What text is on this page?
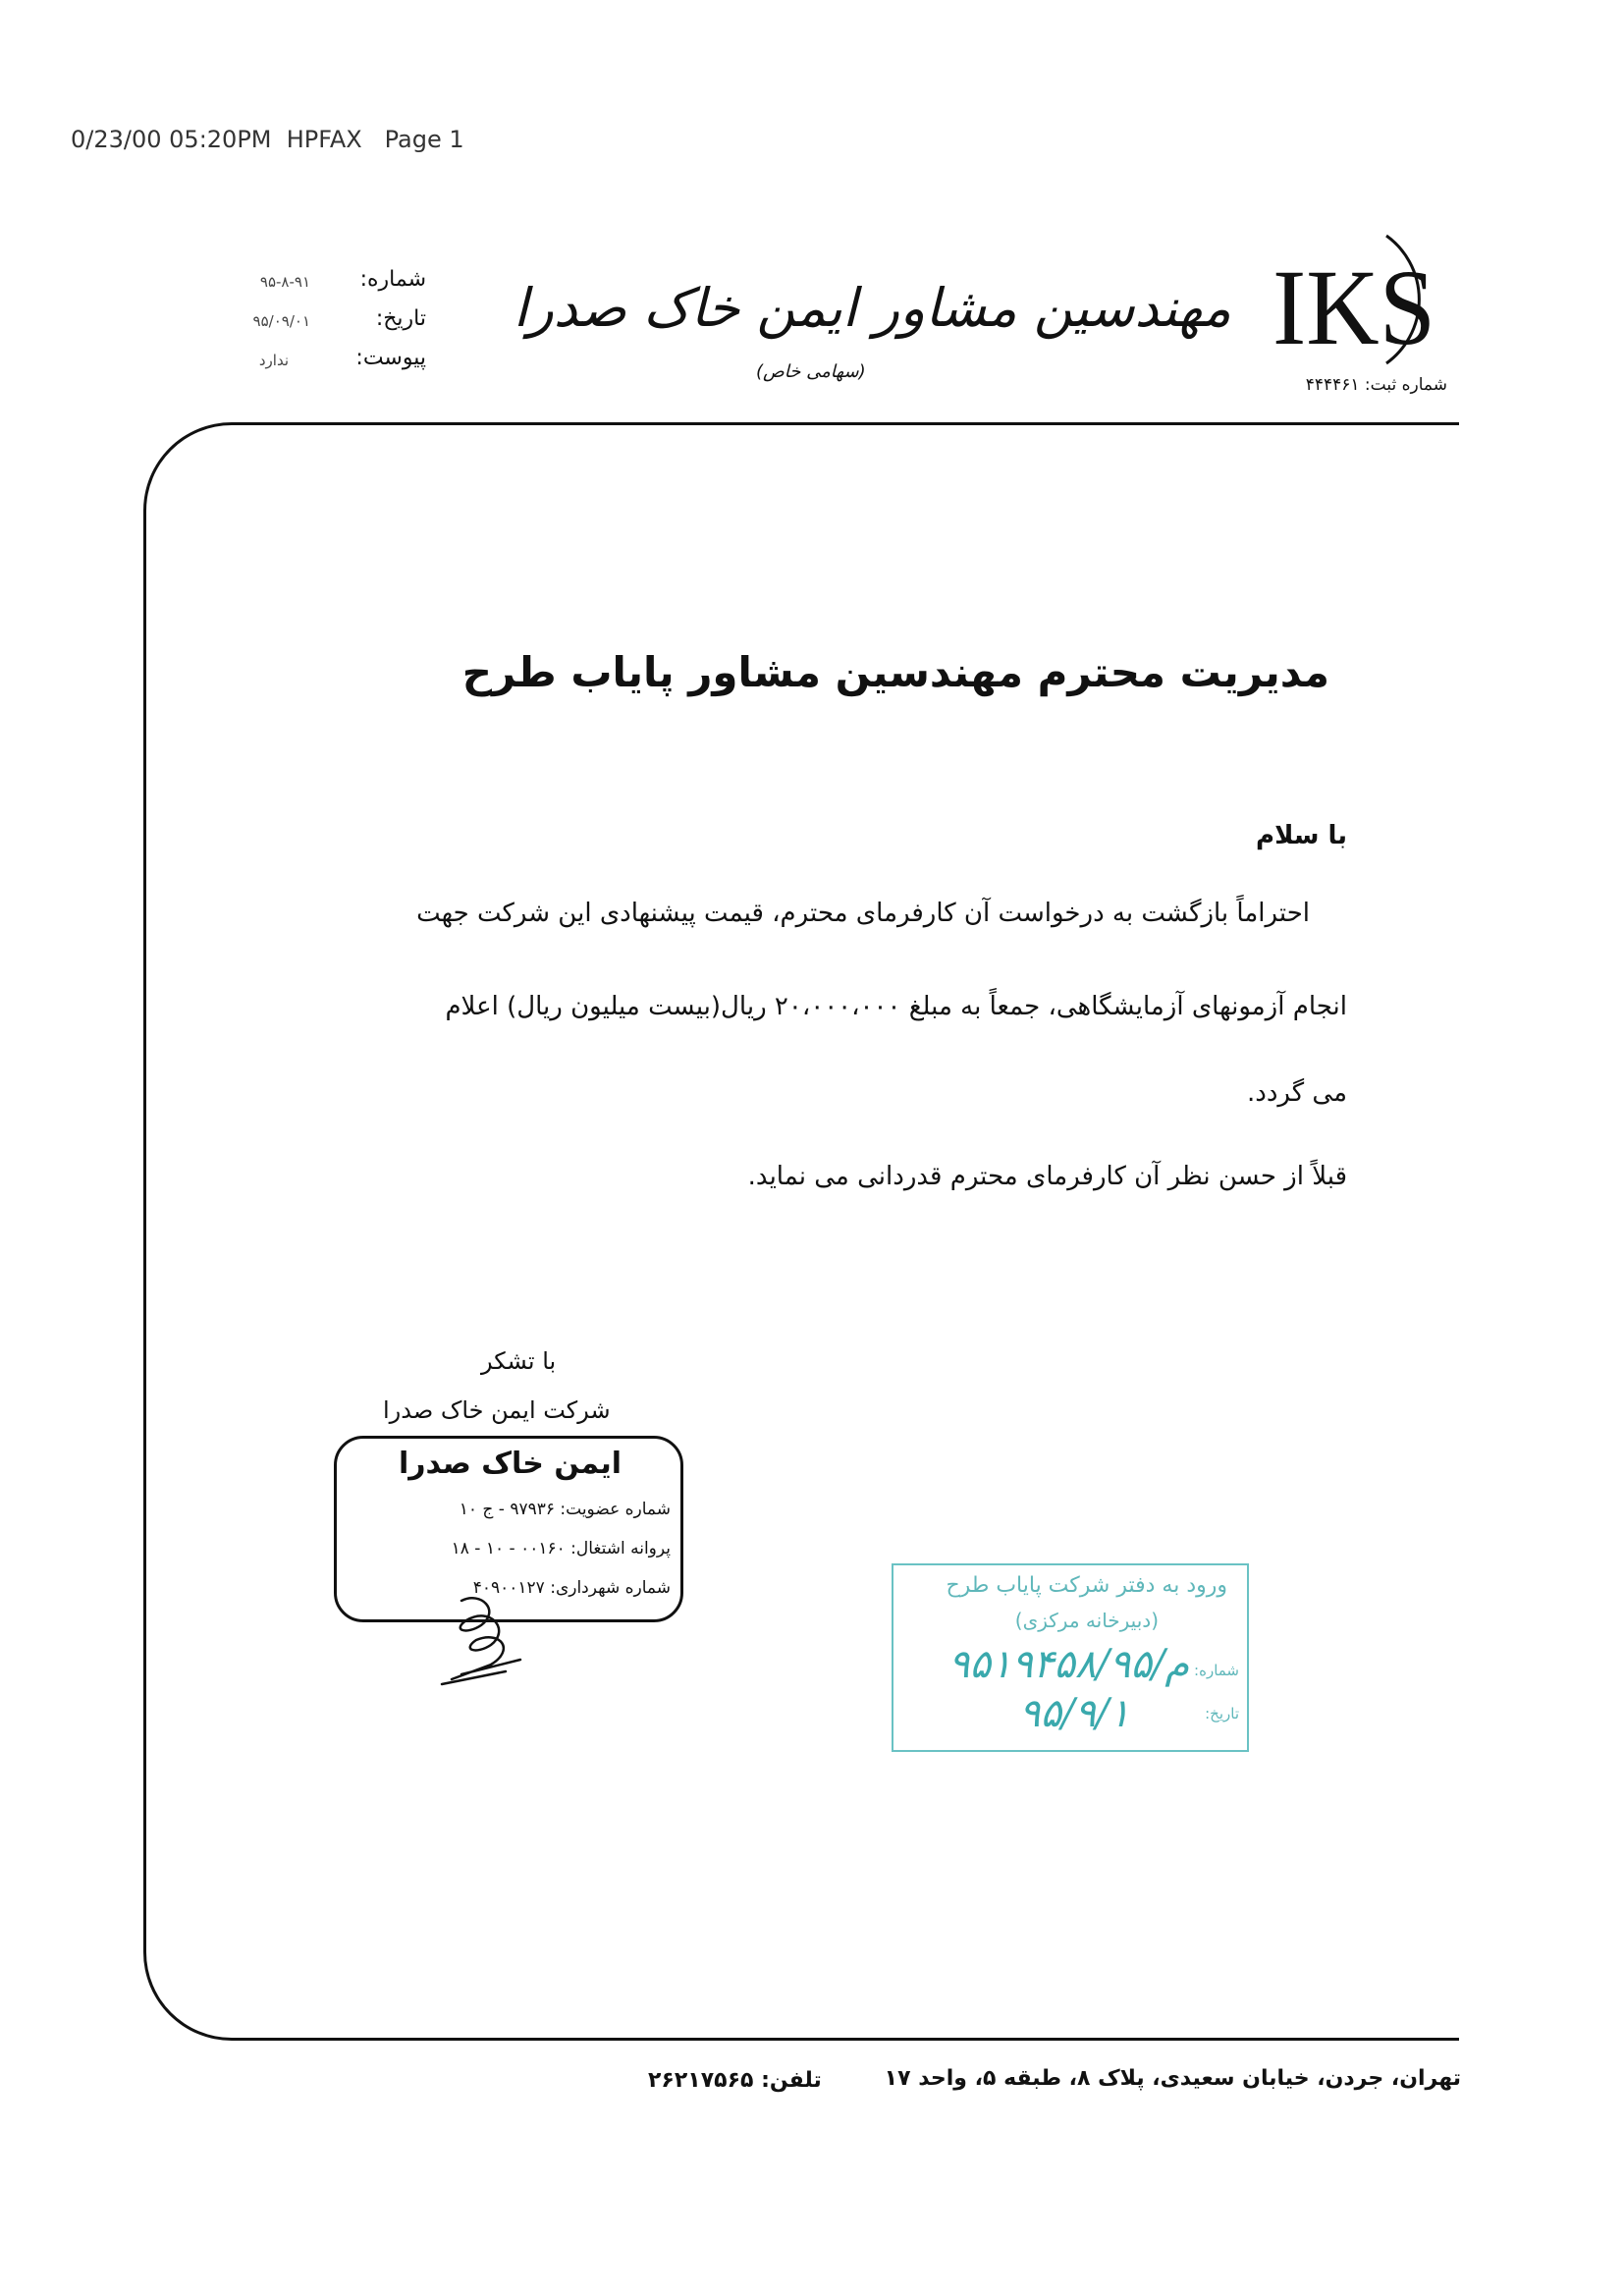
0/23/00 05:20PM  HPFAX   Page 1
شماره:
۹۵-۸-۹۱
تاریخ:
۹۵/۰۹/۰۱
پیوست:
ندارد
مهندسین مشاور ایمن خاک صدرا
(سهامی خاص)
شماره ثبت: ۴۴۴۴۶۱
IKS
مدیریت محترم مهندسین مشاور پایاب طرح
با سلام
احتراماً بازگشت به درخواست آن کارفرمای محترم، قیمت پیشنهادی این شرکت جهت
انجام آزمونهای آزمایشگاهی، جمعاً به مبلغ ۲۰،۰۰۰،۰۰۰ ریال(بیست میلیون ریال) اعلام
می گردد.
قبلاً از حسن نظر آن کارفرمای محترم قدردانی می نماید.
با تشکر
شرکت ایمن خاک صدرا
ایمن خاک صدرا
شماره عضویت: ۹۷۹۳۶ - ج ۱۰
پروانه اشتغال: ۰۰۱۶۰ - ۱۰ - ۱۸
شماره شهرداری: ۴۰۹۰۰۱۲۷	ورود به دفتر شرکت پایاب طرح
(دبیرخانه مرکزی)
شماره:
تاریخ:
۹۵۱۹۴۵۸/۹۵/م
۹۵/۹/۱
تهران، جردن، خیابان سعیدی، پلاک ۸، طبقه ۵، واحد ۱۷
تلفن: ۲۶۲۱۷۵۶۵
